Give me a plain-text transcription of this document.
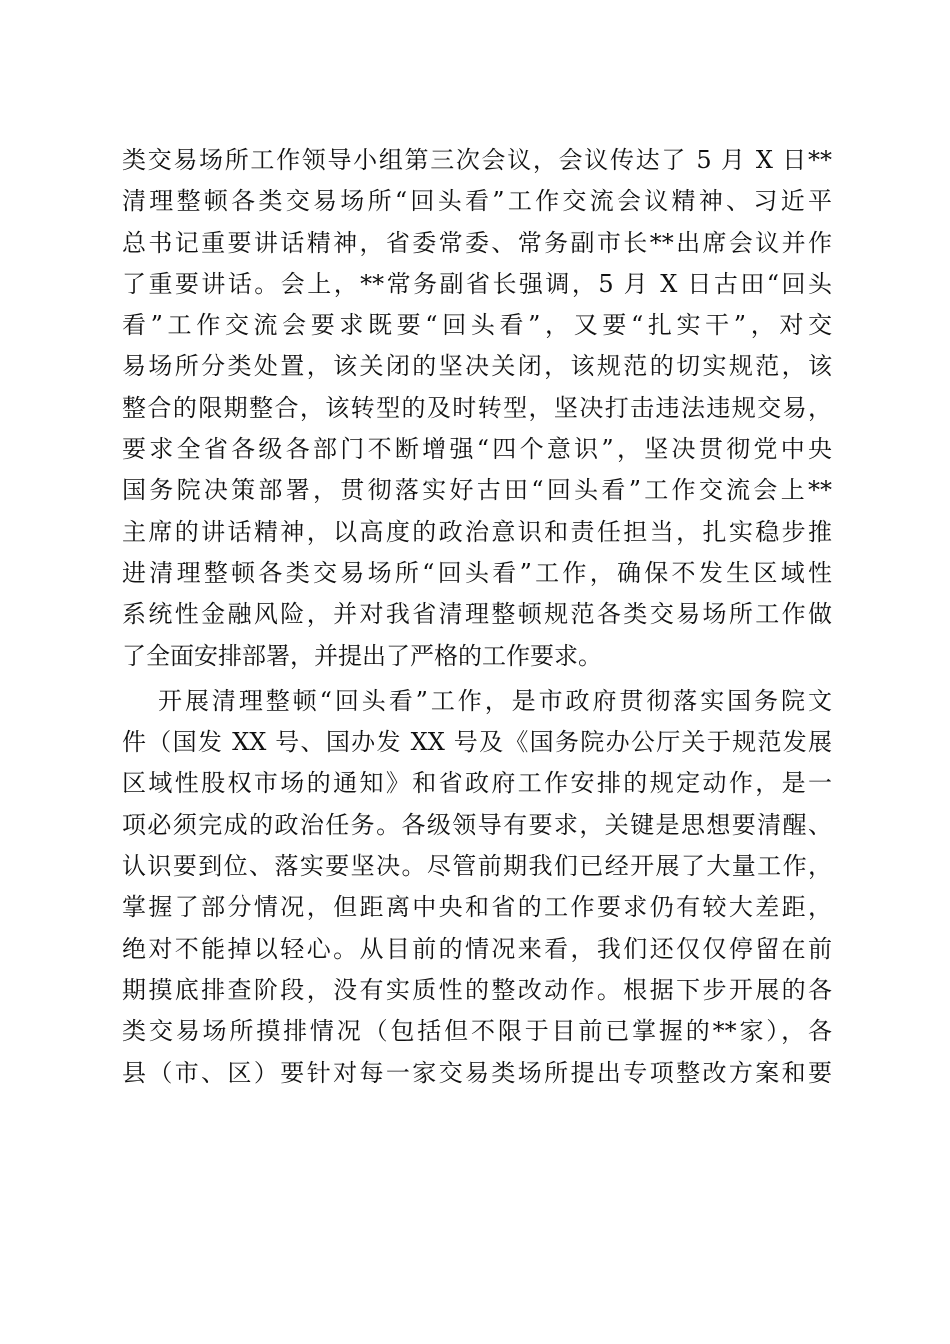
类交易场所工作领导小组第三次会议，会议传达了 5 月 X 日**
清理整顿各类交易场所“回头看”工作交流会议精神、习近平
总书记重要讲话精神，省委常委、常务副市长**出席会议并作
了重要讲话。会上，**常务副省长强调，5 月 X 日古田“回头
看”工作交流会要求既要“回头看”，又要“扎实干”，对交
易场所分类处置，该关闭的坚决关闭，该规范的切实规范，该
整合的限期整合，该转型的及时转型，坚决打击违法违规交易，
要求全省各级各部门不断增强“四个意识”，坚决贯彻党中央
国务院决策部署，贯彻落实好古田“回头看”工作交流会上**
主席的讲话精神，以高度的政治意识和责任担当，扎实稳步推
进清理整顿各类交易场所“回头看”工作，确保不发生区域性
系统性金融风险，并对我省清理整顿规范各类交易场所工作做
了全面安排部署，并提出了严格的工作要求。
开展清理整顿“回头看”工作，是市政府贯彻落实国务院文
件（国发 XX 号、国办发 XX 号及《国务院办公厅关于规范发展
区域性股权市场的通知》和省政府工作安排的规定动作，是一
项必须完成的政治任务。各级领导有要求，关键是思想要清醒、
认识要到位、落实要坚决。尽管前期我们已经开展了大量工作，
掌握了部分情况，但距离中央和省的工作要求仍有较大差距，
绝对不能掉以轻心。从目前的情况来看，我们还仅仅停留在前
期摸底排查阶段，没有实质性的整改动作。根据下步开展的各
类交易场所摸排情况（包括但不限于目前已掌握的**家），各
县（市、区）要针对每一家交易类场所提出专项整改方案和要
